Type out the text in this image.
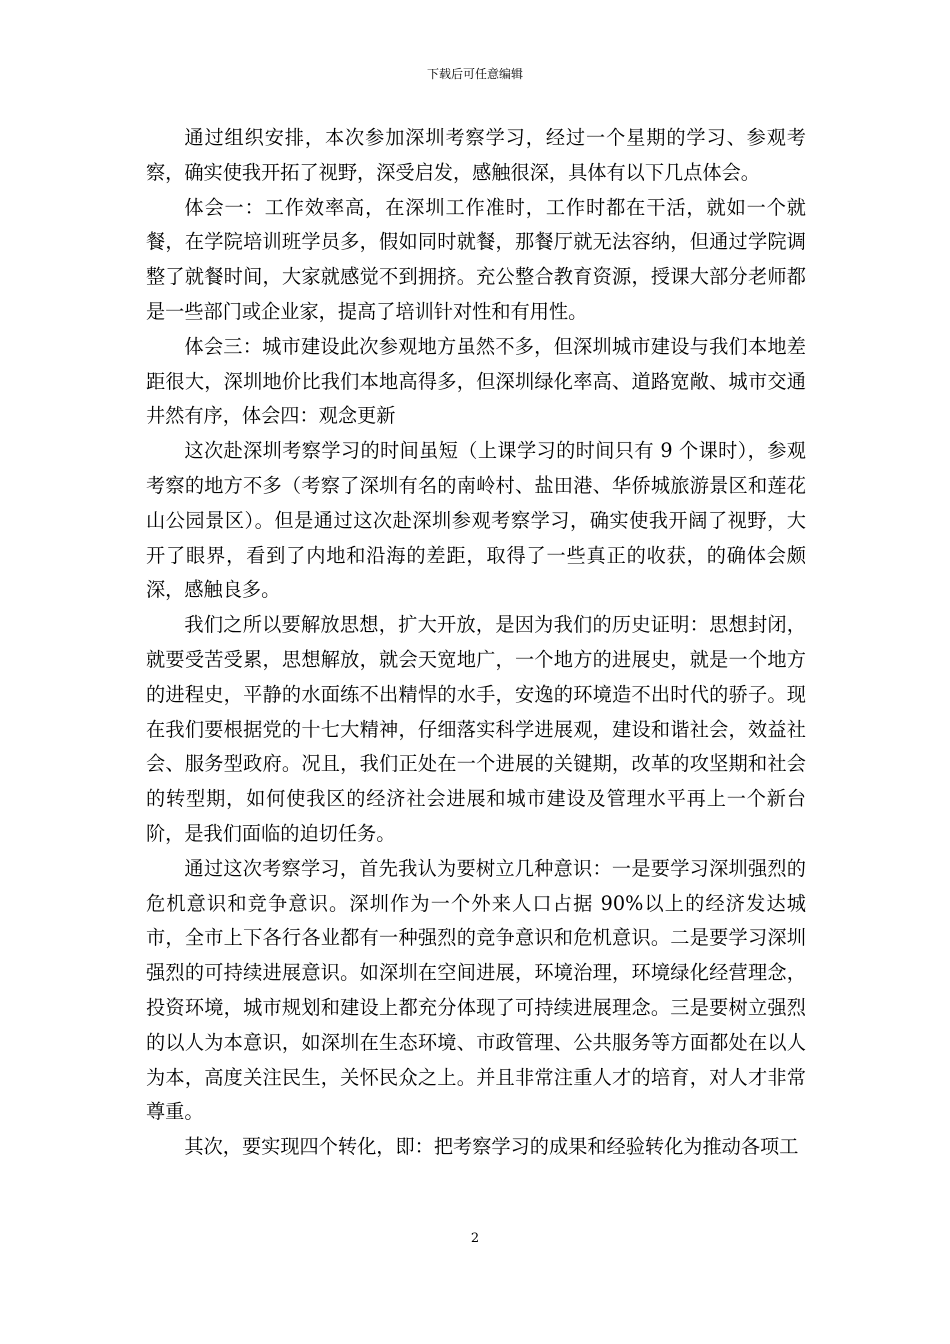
下载后可任意编辑

通过组织安排，本次参加深圳考察学习，经过一个星期的学习、参观考察，确实使我开拓了视野，深受启发，感触很深，具体有以下几点体会。

体会一：工作效率高，在深圳工作准时，工作时都在干活，就如一个就餐，在学院培训班学员多，假如同时就餐，那餐厅就无法容纳，但通过学院调整了就餐时间，大家就感觉不到拥挤。充公整合教育资源，授课大部分老师都是一些部门或企业家，提高了培训针对性和有用性。

体会三：城市建设此次参观地方虽然不多，但深圳城市建设与我们本地差距很大，深圳地价比我们本地高得多，但深圳绿化率高、道路宽敞、城市交通井然有序，体会四：观念更新

这次赴深圳考察学习的时间虽短（上课学习的时间只有 9 个课时），参观考察的地方不多（考察了深圳有名的南岭村、盐田港、华侨城旅游景区和莲花山公园景区）。但是通过这次赴深圳参观考察学习，确实使我开阔了视野，大开了眼界，看到了内地和沿海的差距，取得了一些真正的收获，的确体会颇深，感触良多。

我们之所以要解放思想，扩大开放，是因为我们的历史证明：思想封闭，就要受苦受累，思想解放，就会天宽地广，一个地方的进展史，就是一个地方的进程史，平静的水面练不出精悍的水手，安逸的环境造不出时代的骄子。现在我们要根据党的十七大精神，仔细落实科学进展观，建设和谐社会，效益社会、服务型政府。况且，我们正处在一个进展的关键期，改革的攻坚期和社会的转型期，如何使我区的经济社会进展和城市建设及管理水平再上一个新台阶，是我们面临的迫切任务。

通过这次考察学习，首先我认为要树立几种意识：一是要学习深圳强烈的危机意识和竞争意识。深圳作为一个外来人口占据 90%以上的经济发达城市，全市上下各行各业都有一种强烈的竞争意识和危机意识。二是要学习深圳强烈的可持续进展意识。如深圳在空间进展，环境治理，环境绿化经营理念，投资环境，城市规划和建设上都充分体现了可持续进展理念。三是要树立强烈的以人为本意识，如深圳在生态环境、市政管理、公共服务等方面都处在以人为本，高度关注民生，关怀民众之上。并且非常注重人才的培育，对人才非常尊重。

其次，要实现四个转化，即：把考察学习的成果和经验转化为推动各项工

2
